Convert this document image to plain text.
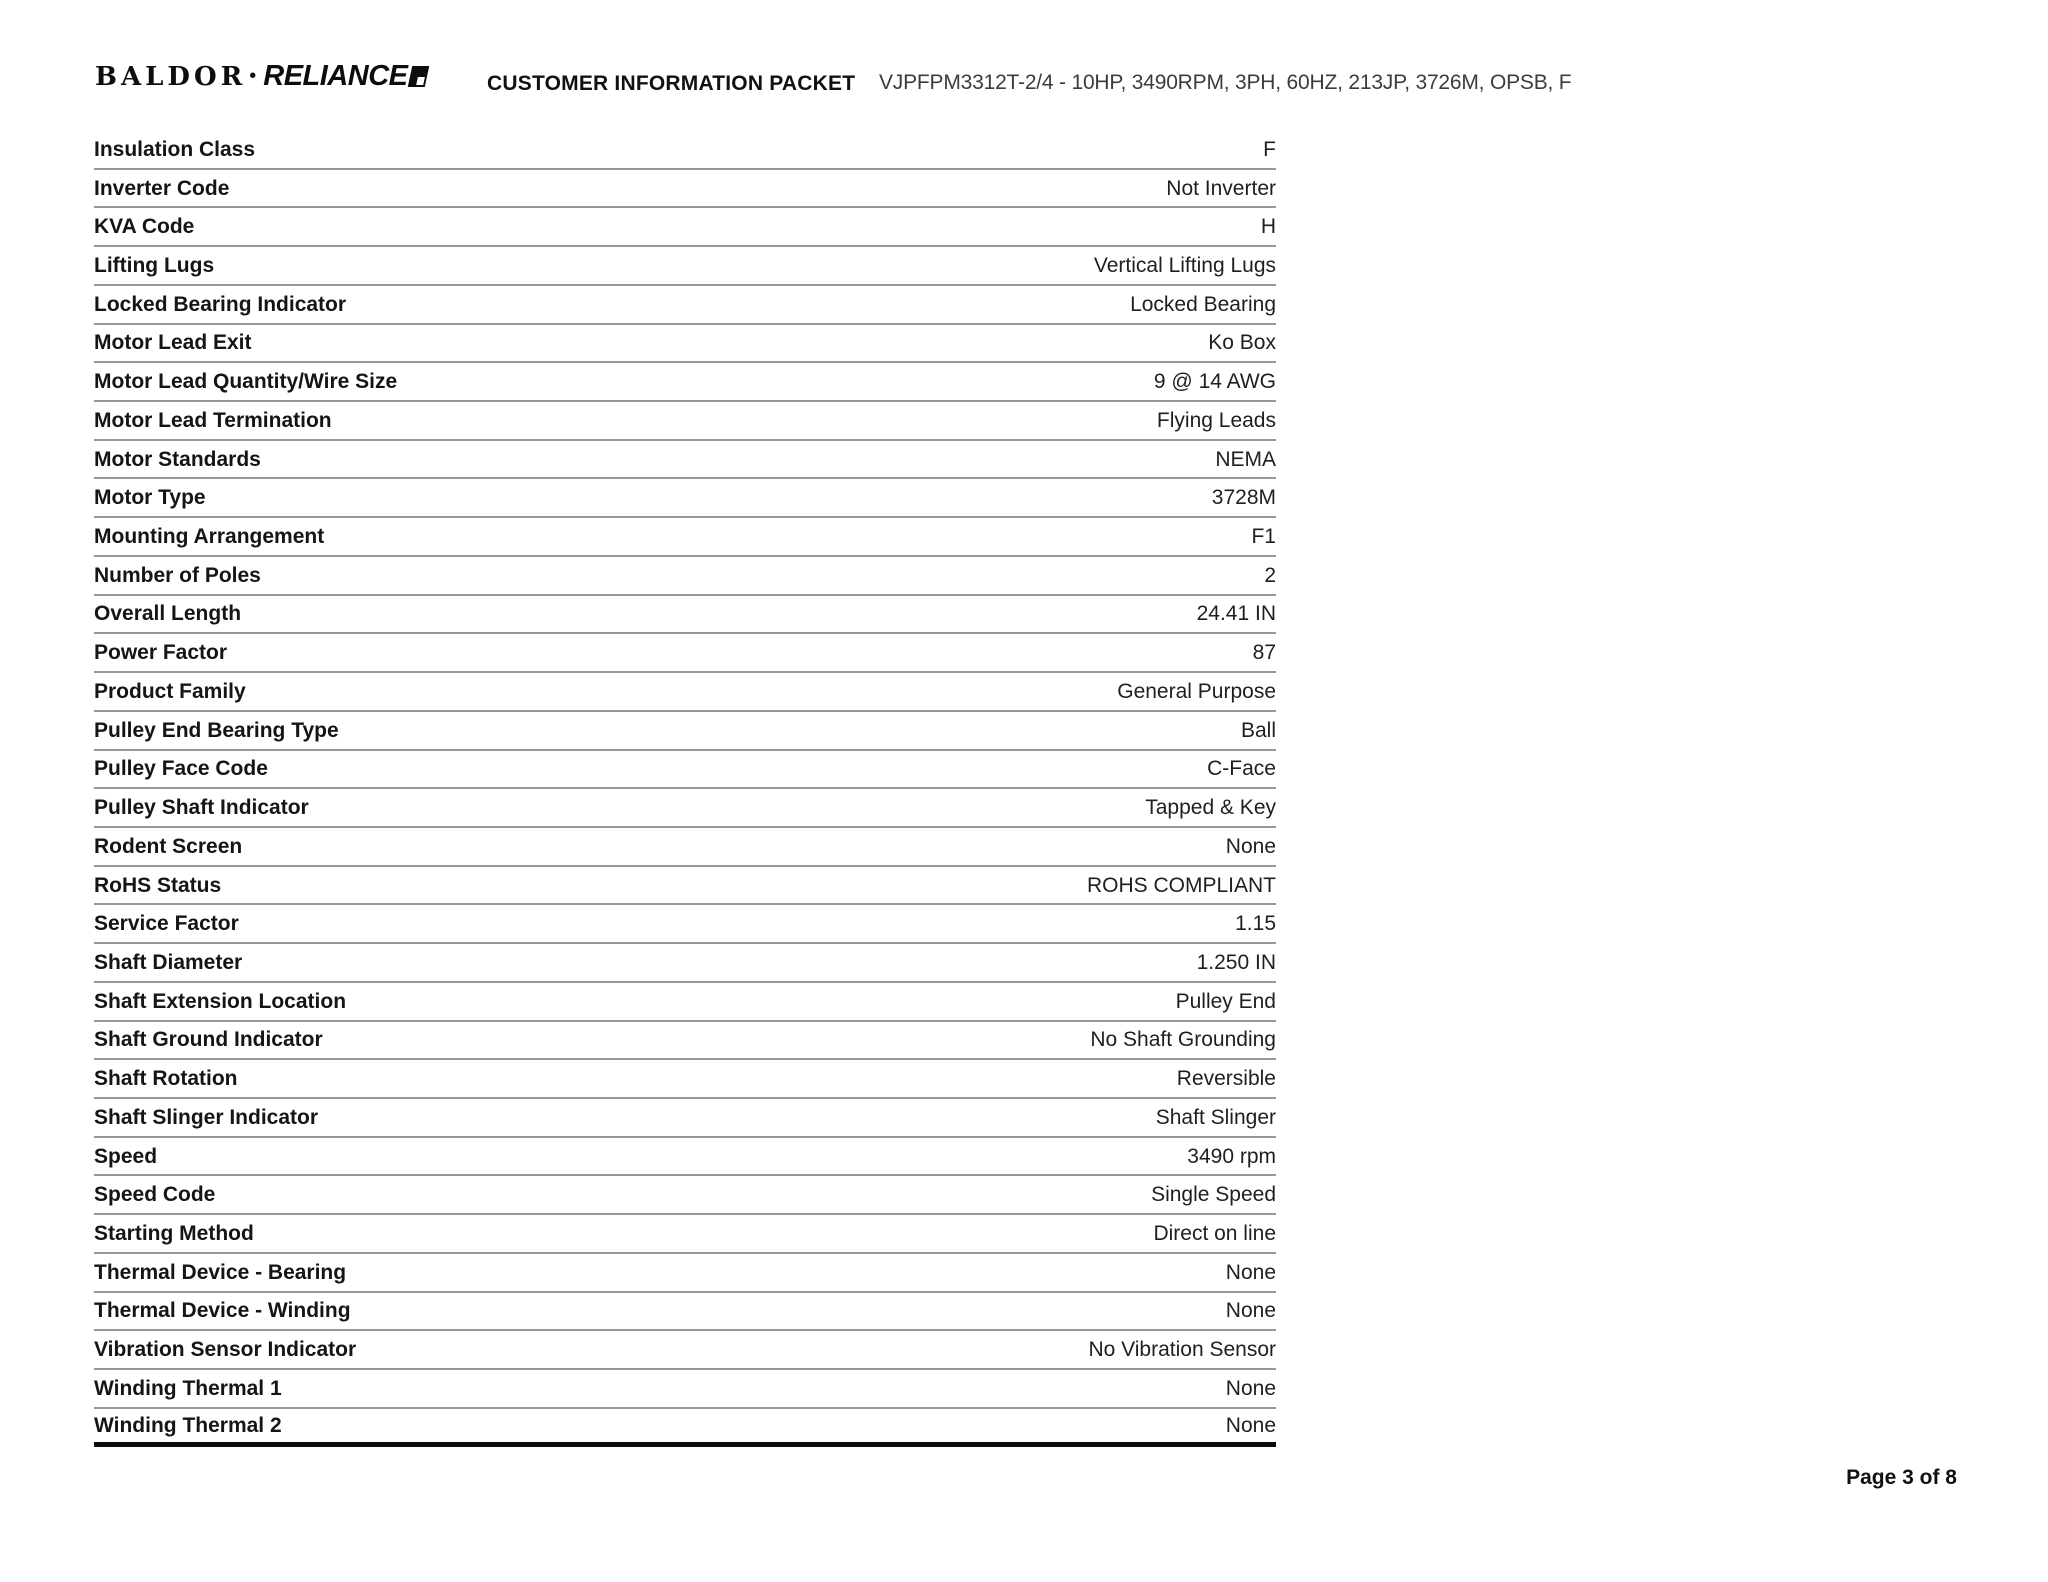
BALDOR • RELIANCE	CUSTOMER INFORMATION PACKET VJPFPM3312T-2/4 - 10HP, 3490RPM, 3PH, 60HZ, 213JP, 3726M, OPSB, F
Insulation Class	F
Inverter Code	Not Inverter
KVA Code	H
Lifting Lugs	Vertical Lifting Lugs
Locked Bearing Indicator	Locked Bearing
Motor Lead Exit	Ko Box
Motor Lead Quantity/Wire Size	9 @ 14 AWG
Motor Lead Termination	Flying Leads
Motor Standards	NEMA
Motor Type	3728M
Mounting Arrangement	F1
Number of Poles	2
Overall Length	24.41 IN
Power Factor	87
Product Family	General Purpose
Pulley End Bearing Type	Ball
Pulley Face Code	C-Face
Pulley Shaft Indicator	Tapped & Key
Rodent Screen	None
RoHS Status	ROHS COMPLIANT
Service Factor	1.15
Shaft Diameter	1.250 IN
Shaft Extension Location	Pulley End
Shaft Ground Indicator	No Shaft Grounding
Shaft Rotation	Reversible
Shaft Slinger Indicator	Shaft Slinger
Speed	3490 rpm
Speed Code	Single Speed
Starting Method	Direct on line
Thermal Device - Bearing	None
Thermal Device - Winding	None
Vibration Sensor Indicator	No Vibration Sensor
Winding Thermal 1	None
Winding Thermal 2	None
Page 3 of 8
